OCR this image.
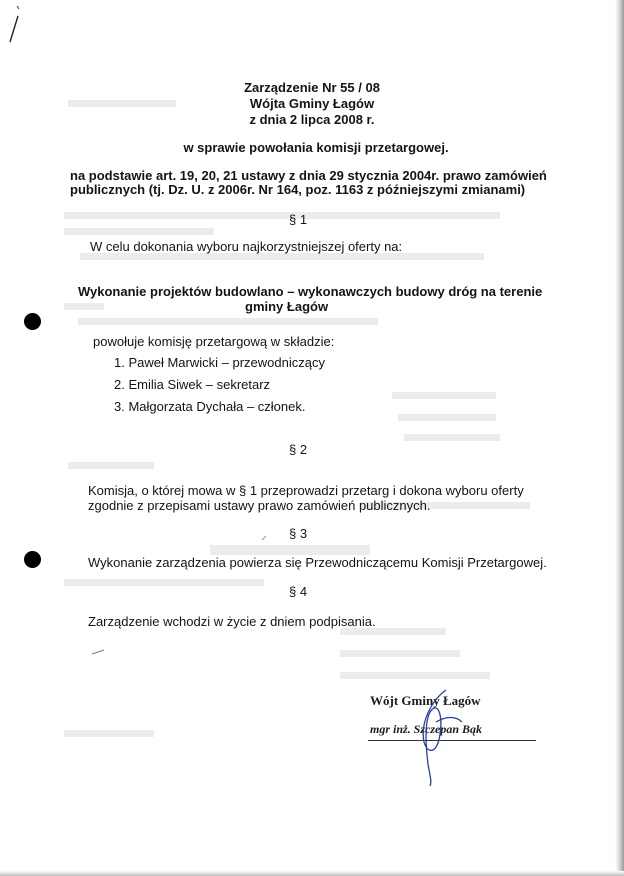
Zarządzenie Nr 55 / 08
Wójta Gminy Łagów
z dnia 2 lipca 2008 r.
w sprawie powołania komisji przetargowej.
na podstawie art. 19, 20, 21 ustawy z dnia 29 stycznia 2004r. prawo zamówień
publicznych (tj. Dz. U. z 2006r. Nr 164, poz. 1163 z późniejszymi zmianami)
§ 1
W celu dokonania wyboru najkorzystniejszej oferty na:
Wykonanie projektów budowlano – wykonawczych budowy dróg na terenie
gminy Łagów
powołuje komisję przetargową w składzie:
1. Paweł Marwicki – przewodniczący
2. Emilia Siwek – sekretarz
3. Małgorzata Dychała – członek.
§ 2
Komisja, o której mowa w § 1 przeprowadzi przetarg i dokona wyboru oferty
zgodnie z przepisami ustawy prawo zamówień publicznych.
§ 3
Wykonanie zarządzenia powierza się Przewodniczącemu Komisji Przetargowej.
§ 4
Zarządzenie wchodzi w życie z dniem podpisania.
Wójt Gminy Łagów
mgr inż. Szczepan Bąk
